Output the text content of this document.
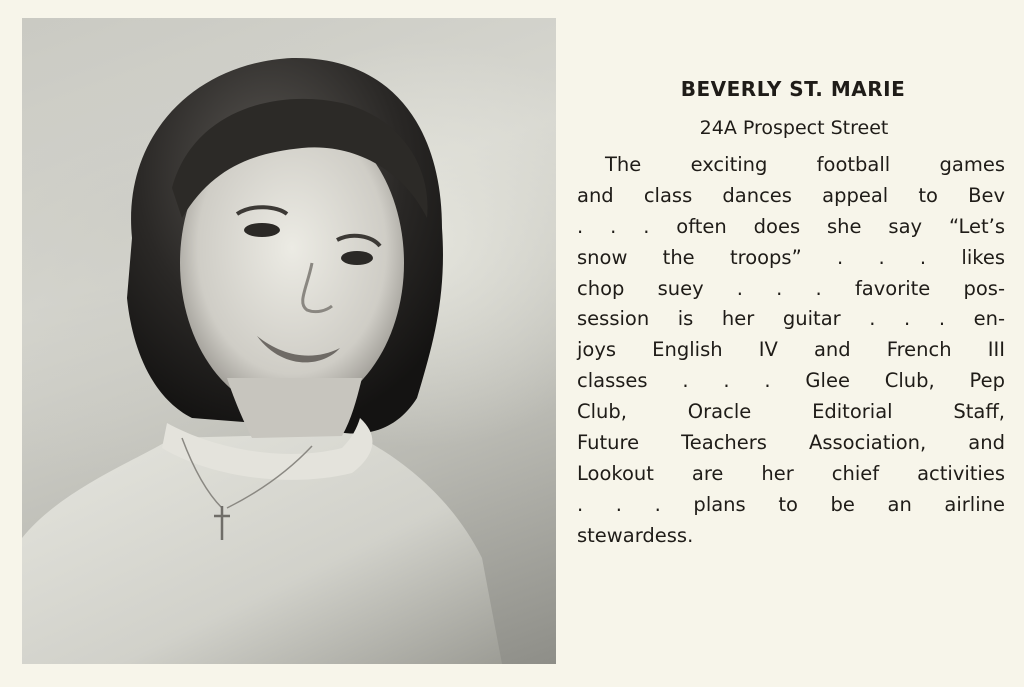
BEVERLY ST. MARIE

24A Prospect Street

The exciting football games
and class dances appeal to Bev
. . . often does she say “Let’s
snow the troops” . . . likes
chop suey . . . favorite pos-
session is her guitar . . . en-
joys English IV and French III
classes . . . Glee Club, Pep
Club, Oracle Editorial Staff,
Future Teachers Association, and
Lookout are her chief activities
. . . plans to be an airline
stewardess.
